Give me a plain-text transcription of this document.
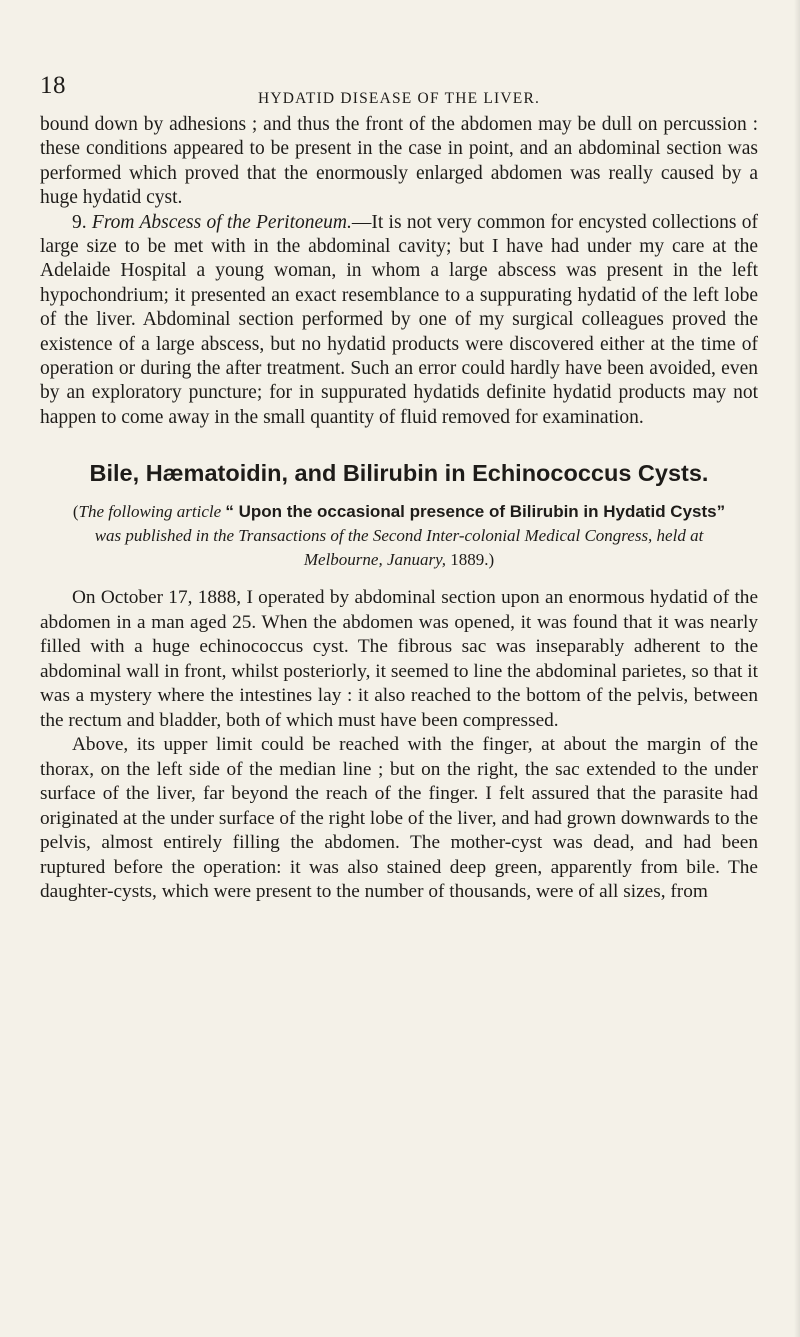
18	HYDATID DISEASE OF THE LIVER.

bound down by adhesions ; and thus the front of the abdomen may be dull on percussion : these conditions appeared to be present in the case in point, and an abdominal section was performed which proved that the enormously enlarged abdomen was really caused by a huge hydatid cyst.

9. From Abscess of the Peritoneum.—It is not very common for encysted collections of large size to be met with in the abdominal cavity; but I have had under my care at the Adelaide Hospital a young woman, in whom a large abscess was present in the left hypochondrium; it presented an exact resemblance to a suppurating hydatid of the left lobe of the liver. Abdominal section performed by one of my surgical colleagues proved the existence of a large abscess, but no hydatid products were discovered either at the time of operation or during the after treatment. Such an error could hardly have been avoided, even by an exploratory puncture; for in suppurated hydatids definite hydatid products may not happen to come away in the small quantity of fluid removed for examination.

Bile, Hæmatoidin, and Bilirubin in Echinococcus Cysts.

(The following article “ Upon the occasional presence of Bilirubin in Hydatid Cysts” was published in the Transactions of the Second Inter-colonial Medical Congress, held at Melbourne, January, 1889.)

On October 17, 1888, I operated by abdominal section upon an enormous hydatid of the abdomen in a man aged 25. When the abdomen was opened, it was found that it was nearly filled with a huge echinococcus cyst. The fibrous sac was inseparably adherent to the abdominal wall in front, whilst posteriorly, it seemed to line the abdominal parietes, so that it was a mystery where the intestines lay : it also reached to the bottom of the pelvis, between the rectum and bladder, both of which must have been compressed.

Above, its upper limit could be reached with the finger, at about the margin of the thorax, on the left side of the median line ; but on the right, the sac extended to the under surface of the liver, far beyond the reach of the finger. I felt assured that the parasite had originated at the under surface of the right lobe of the liver, and had grown downwards to the pelvis, almost entirely filling the abdomen. The mother-cyst was dead, and had been ruptured before the operation: it was also stained deep green, apparently from bile. The daughter-cysts, which were present to the number of thousands, were of all sizes, from
